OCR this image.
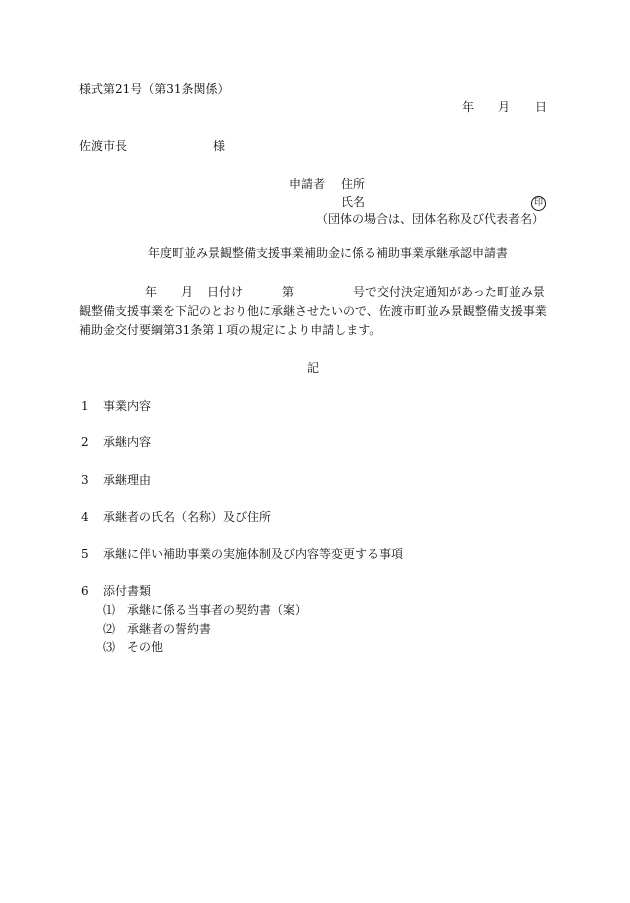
様式第21号（第31条関係）
年 月 日
佐渡市長	様
申請者 住所
氏名	印
（団体の場合は、団体名称及び代表者名）
年度町並み景観整備支援事業補助金に係る補助事業承継承認申請書
年 月 日付け	第	号で交付決定通知があった町並み景
観整備支援事業を下記のとおり他に承継させたいので、佐渡市町並み景観整備支援事業
補助金交付要綱第31条第１項の規定により申請します。
記
1 事業内容
2 承継内容
3 承継理由
4 承継者の氏名（名称）及び住所
5 承継に伴い補助事業の実施体制及び内容等変更する事項
6 添付書類
⑴ 承継に係る当事者の契約書（案）
⑵ 承継者の誓約書
⑶ その他
